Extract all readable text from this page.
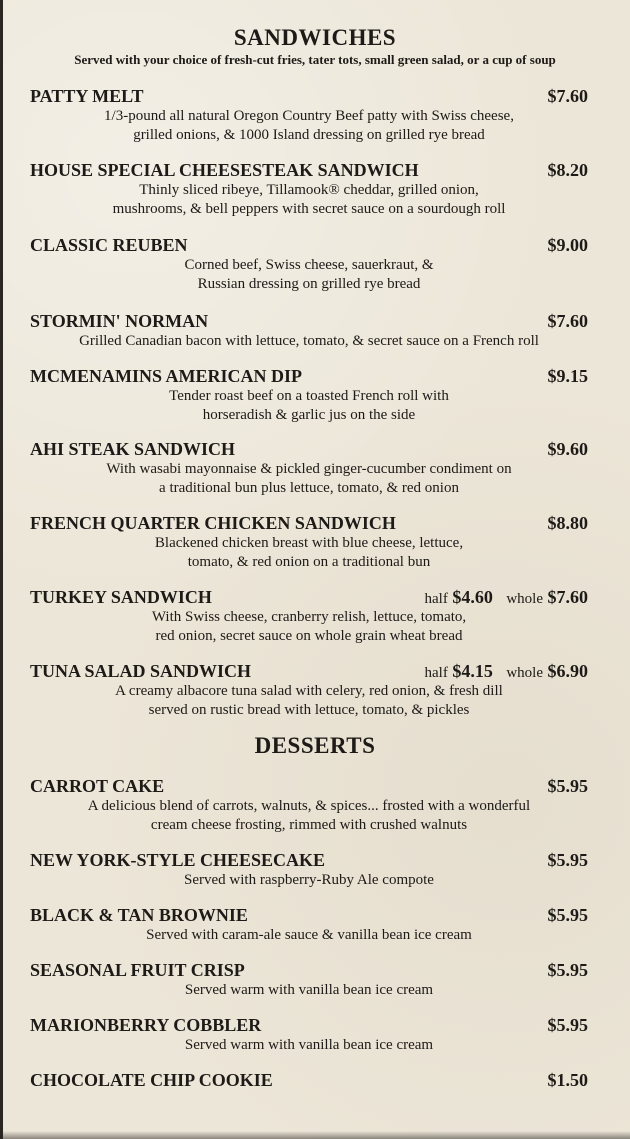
SANDWICHES
Served with your choice of fresh-cut fries, tater tots, small green salad, or a cup of soup
PATTY MELT	$7.60
1/3-pound all natural Oregon Country Beef patty with Swiss cheese,
grilled onions, & 1000 Island dressing on grilled rye bread
HOUSE SPECIAL CHEESESTEAK SANDWICH	$8.20
Thinly sliced ribeye, Tillamook® cheddar, grilled onion,
mushrooms, & bell peppers with secret sauce on a sourdough roll
CLASSIC REUBEN	$9.00
Corned beef, Swiss cheese, sauerkraut, &
Russian dressing on grilled rye bread
STORMIN' NORMAN	$7.60
Grilled Canadian bacon with lettuce, tomato, & secret sauce on a French roll
MCMENAMINS AMERICAN DIP	$9.15
Tender roast beef on a toasted French roll with
horseradish & garlic jus on the side
AHI STEAK SANDWICH	$9.60
With wasabi mayonnaise & pickled ginger-cucumber condiment on
a traditional bun plus lettuce, tomato, & red onion
FRENCH QUARTER CHICKEN SANDWICH	$8.80
Blackened chicken breast with blue cheese, lettuce,
tomato, & red onion on a traditional bun
TURKEY SANDWICH	half $4.60 whole $7.60
With Swiss cheese, cranberry relish, lettuce, tomato,
red onion, secret sauce on whole grain wheat bread
TUNA SALAD SANDWICH	half $4.15 whole $6.90
A creamy albacore tuna salad with celery, red onion, & fresh dill
served on rustic bread with lettuce, tomato, & pickles
DESSERTS
CARROT CAKE	$5.95
A delicious blend of carrots, walnuts, & spices... frosted with a wonderful
cream cheese frosting, rimmed with crushed walnuts
NEW YORK-STYLE CHEESECAKE	$5.95
Served with raspberry-Ruby Ale compote
BLACK & TAN BROWNIE	$5.95
Served with caram-ale sauce & vanilla bean ice cream
SEASONAL FRUIT CRISP	$5.95
Served warm with vanilla bean ice cream
MARIONBERRY COBBLER	$5.95
Served warm with vanilla bean ice cream
CHOCOLATE CHIP COOKIE	$1.50
